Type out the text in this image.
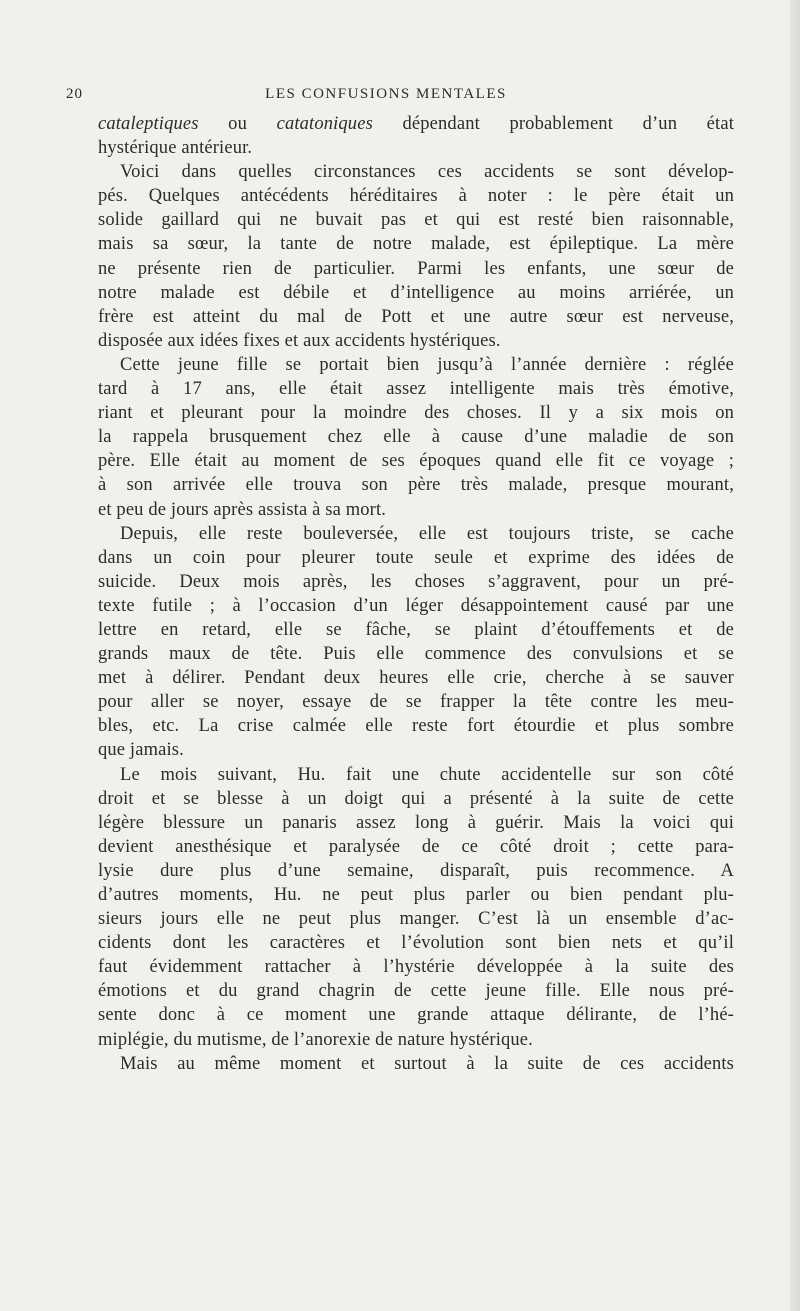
20	LES CONFUSIONS MENTALES
cataleptiques ou catatoniques dépendant probablement d’un état
hystérique antérieur.
Voici dans quelles circonstances ces accidents se sont dévelop-
pés. Quelques antécédents héréditaires à noter : le père était un
solide gaillard qui ne buvait pas et qui est resté bien raisonnable,
mais sa sœur, la tante de notre malade, est épileptique. La mère
ne présente rien de particulier. Parmi les enfants, une sœur de
notre malade est débile et d’intelligence au moins arriérée, un
frère est atteint du mal de Pott et une autre sœur est nerveuse,
disposée aux idées fixes et aux accidents hystériques.
Cette jeune fille se portait bien jusqu’à l’année dernière : réglée
tard à 17 ans, elle était assez intelligente mais très émotive,
riant et pleurant pour la moindre des choses. Il y a six mois on
la rappela brusquement chez elle à cause d’une maladie de son
père. Elle était au moment de ses époques quand elle fit ce voyage ;
à son arrivée elle trouva son père très malade, presque mourant,
et peu de jours après assista à sa mort.
Depuis, elle reste bouleversée, elle est toujours triste, se cache
dans un coin pour pleurer toute seule et exprime des idées de
suicide. Deux mois après, les choses s’aggravent, pour un pré-
texte futile ; à l’occasion d’un léger désappointement causé par une
lettre en retard, elle se fâche, se plaint d’étouffements et de
grands maux de tête. Puis elle commence des convulsions et se
met à délirer. Pendant deux heures elle crie, cherche à se sauver
pour aller se noyer, essaye de se frapper la tête contre les meu-
bles, etc. La crise calmée elle reste fort étourdie et plus sombre
que jamais.
Le mois suivant, Hu. fait une chute accidentelle sur son côté
droit et se blesse à un doigt qui a présenté à la suite de cette
légère blessure un panaris assez long à guérir. Mais la voici qui
devient anesthésique et paralysée de ce côté droit ; cette para-
lysie dure plus d’une semaine, disparaît, puis recommence. A
d’autres moments, Hu. ne peut plus parler ou bien pendant plu-
sieurs jours elle ne peut plus manger. C’est là un ensemble d’ac-
cidents dont les caractères et l’évolution sont bien nets et qu’il
faut évidemment rattacher à l’hystérie développée à la suite des
émotions et du grand chagrin de cette jeune fille. Elle nous pré-
sente donc à ce moment une grande attaque délirante, de l’hé-
miplégie, du mutisme, de l’anorexie de nature hystérique.
Mais au même moment et surtout à la suite de ces accidents
